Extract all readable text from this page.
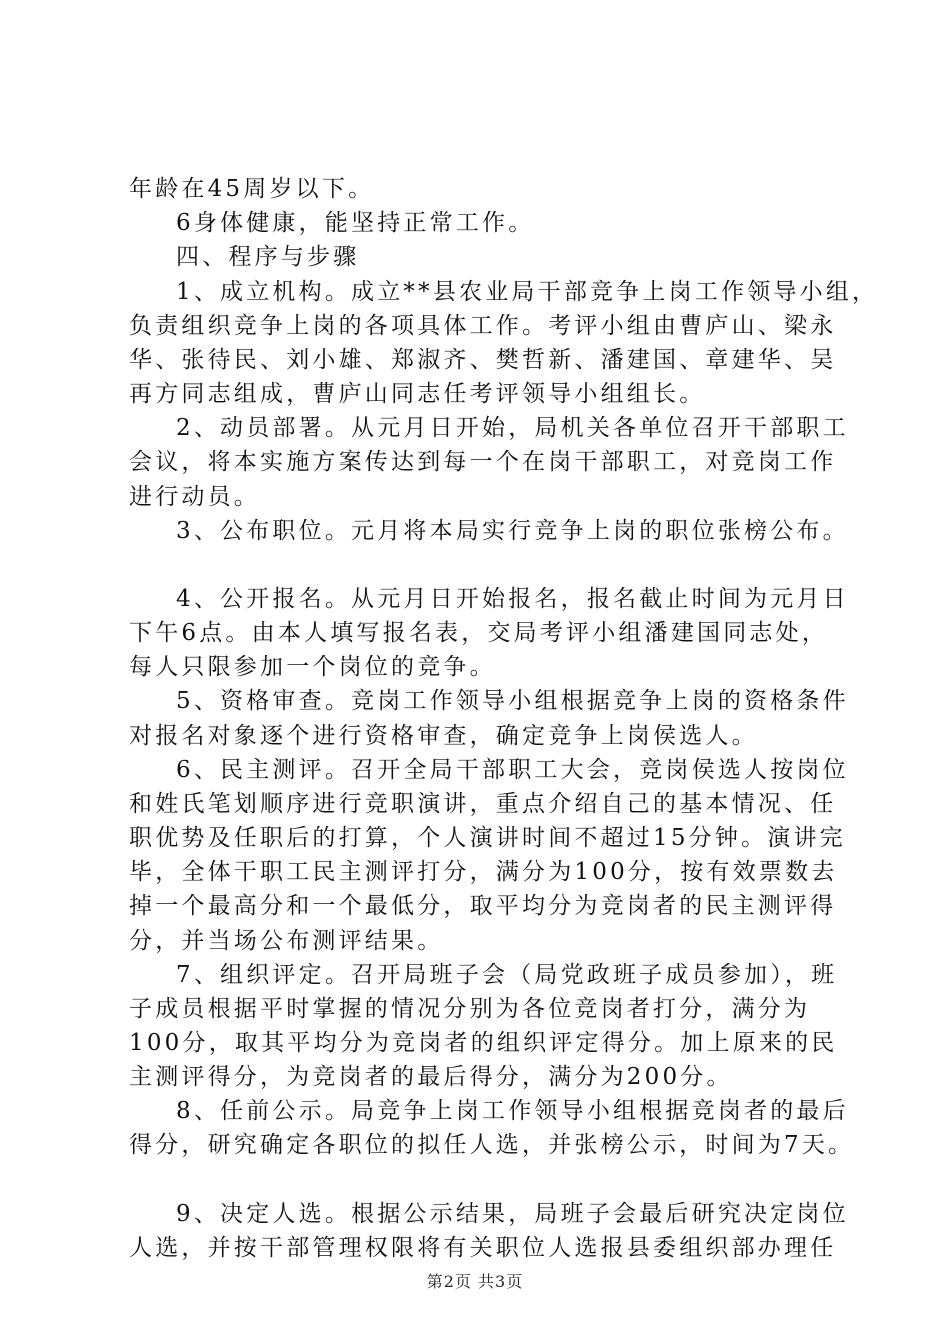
年龄在45周岁以下。
6身体健康，能坚持正常工作。
四、程序与步骤
1、成立机构。成立**县农业局干部竞争上岗工作领导小组，
负责组织竞争上岗的各项具体工作。考评小组由曹庐山、梁永
华、张待民、刘小雄、郑淑齐、樊哲新、潘建国、章建华、吴
再方同志组成，曹庐山同志任考评领导小组组长。
2、动员部署。从元月日开始，局机关各单位召开干部职工
会议，将本实施方案传达到每一个在岗干部职工，对竞岗工作
进行动员。
3、公布职位。元月将本局实行竞争上岗的职位张榜公布。
4、公开报名。从元月日开始报名，报名截止时间为元月日
下午6点。由本人填写报名表，交局考评小组潘建国同志处，
每人只限参加一个岗位的竞争。
5、资格审查。竞岗工作领导小组根据竞争上岗的资格条件
对报名对象逐个进行资格审查，确定竞争上岗侯选人。
6、民主测评。召开全局干部职工大会，竞岗侯选人按岗位
和姓氏笔划顺序进行竞职演讲，重点介绍自己的基本情况、任
职优势及任职后的打算，个人演讲时间不超过15分钟。演讲完
毕，全体干职工民主测评打分，满分为100分，按有效票数去
掉一个最高分和一个最低分，取平均分为竞岗者的民主测评得
分，并当场公布测评结果。
7、组织评定。召开局班子会（局党政班子成员参加），班
子成员根据平时掌握的情况分别为各位竞岗者打分，满分为
100分，取其平均分为竞岗者的组织评定得分。加上原来的民
主测评得分，为竞岗者的最后得分，满分为200分。
8、任前公示。局竞争上岗工作领导小组根据竞岗者的最后
得分，研究确定各职位的拟任人选，并张榜公示，时间为7天。
9、决定人选。根据公示结果，局班子会最后研究决定岗位
人选，并按干部管理权限将有关职位人选报县委组织部办理任
第2页 共3页
